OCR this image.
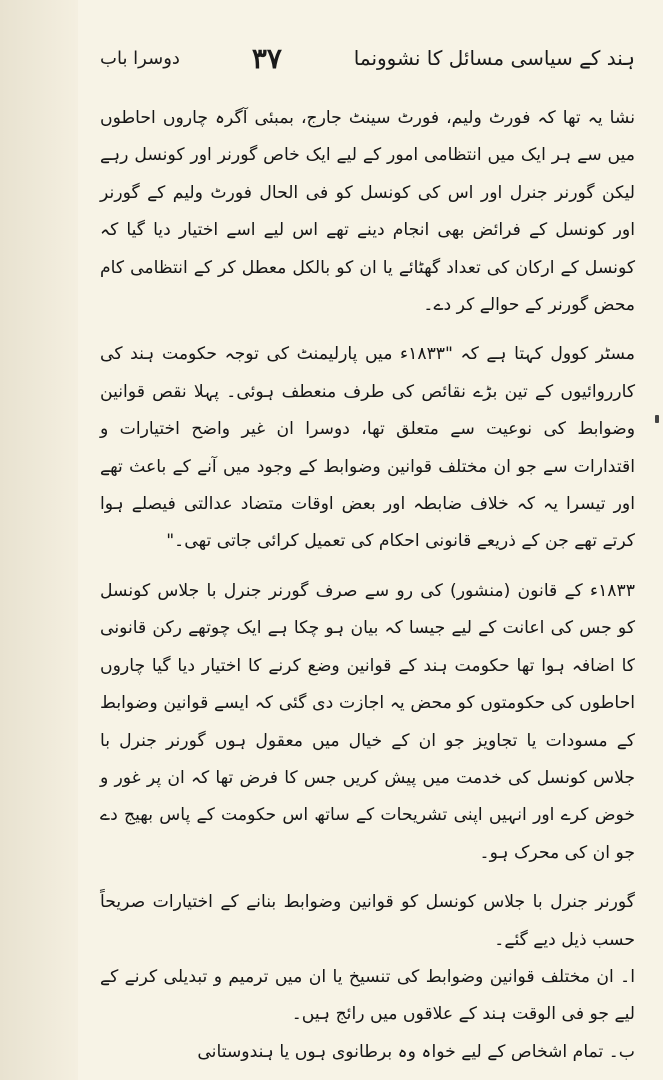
ہند کے سیاسی مسائل کا نشوونما
۳۷
دوسرا باب

نشا یہ تھا کہ فورٹ ولیم، فورٹ سینٹ جارج، بمبئی آگرہ چاروں احاطوں میں سے ہر ایک میں انتظامی امور کے لیے ایک خاص گورنر اور کونسل رہے لیکن گورنر جنرل اور اس کی کونسل کو فی الحال فورٹ ولیم کے گورنر اور کونسل کے فرائض بھی انجام دینے تھے اس لیے اسے اختیار دیا گیا کہ کونسل کے ارکان کی تعداد گھٹائے یا ان کو بالکل معطل کر کے انتظامی کام محض گورنر کے حوالے کر دے۔

مسٹر کوول کہتا ہے کہ "۱۸۳۳ء میں پارلیمنٹ کی توجہ حکومت ہند کی کارروائیوں کے تین بڑے نقائص کی طرف منعطف ہوئی۔ پہلا نقص قوانین وضوابط کی نوعیت سے متعلق تھا، دوسرا ان غیر واضح اختیارات و اقتدارات سے جو ان مختلف قوانین وضوابط کے وجود میں آنے کے باعث تھے اور تیسرا یہ کہ خلاف ضابطہ اور بعض اوقات متضاد عدالتی فیصلے ہوا کرتے تھے جن کے ذریعے قانونی احکام کی تعمیل کرائی جاتی تھی۔"

۱۸۳۳ء کے قانون (منشور) کی رو سے صرف گورنر جنرل با جلاس کونسل کو جس کی اعانت کے لیے جیسا کہ بیان ہو چکا ہے ایک چوتھے رکن قانونی کا اضافہ ہوا تھا حکومت ہند کے قوانین وضع کرنے کا اختیار دیا گیا چاروں احاطوں کی حکومتوں کو محض یہ اجازت دی گئی کہ ایسے قوانین وضوابط کے مسودات یا تجاویز جو ان کے خیال میں معقول ہوں گورنر جنرل با جلاس کونسل کی خدمت میں پیش کریں جس کا فرض تھا کہ ان پر غور و خوض کرے اور انہیں اپنی تشریحات کے ساتھ اس حکومت کے پاس بھیج دے جو ان کی محرک ہو۔

گورنر جنرل با جلاس کونسل کو قوانین وضوابط بنانے کے اختیارات صریحاً حسب ذیل دیے گئے۔

ا۔ ان مختلف قوانین وضوابط کی تنسیخ یا ان میں ترمیم و تبدیلی کرنے کے لیے جو فی الوقت ہند کے علاقوں میں رائج ہیں۔

ب۔ تمام اشخاص کے لیے خواہ وہ برطانوی ہوں یا ہندوستانی
